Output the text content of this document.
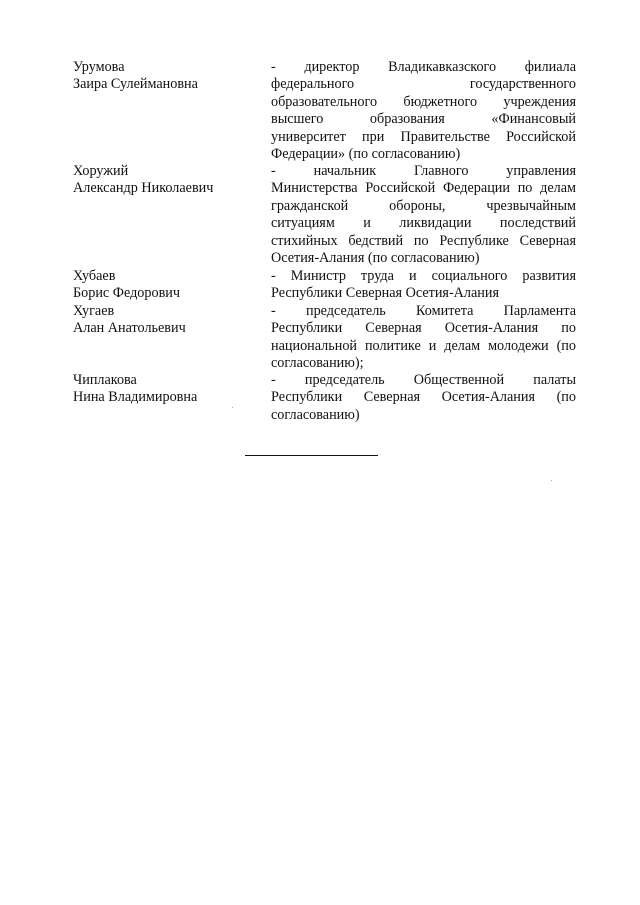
Урумова
Заира Сулеймановна
- директор Владикавказского филиала
федерального государственного
образовательного бюджетного учреждения
высшего образования «Финансовый
университет при Правительстве Российской
Федерации» (по согласованию)
Хоружий
Александр Николаевич
- начальник Главного управления
Министерства Российской Федерации по делам
гражданской обороны, чрезвычайным
ситуациям и ликвидации последствий
стихийных бедствий по Республике Северная
Осетия-Алания (по согласованию)
Хубаев
Борис Федорович
- Министр труда и социального развития
Республики Северная Осетия-Алания
Хугаев
Алан Анатольевич
- председатель Комитета Парламента
Республики Северная Осетия-Алания по
национальной политике и делам молодежи (по
согласованию);
Чиплакова
Нина Владимировна
- председатель Общественной палаты
Республики Северная Осетия-Алания (по
согласованию)
